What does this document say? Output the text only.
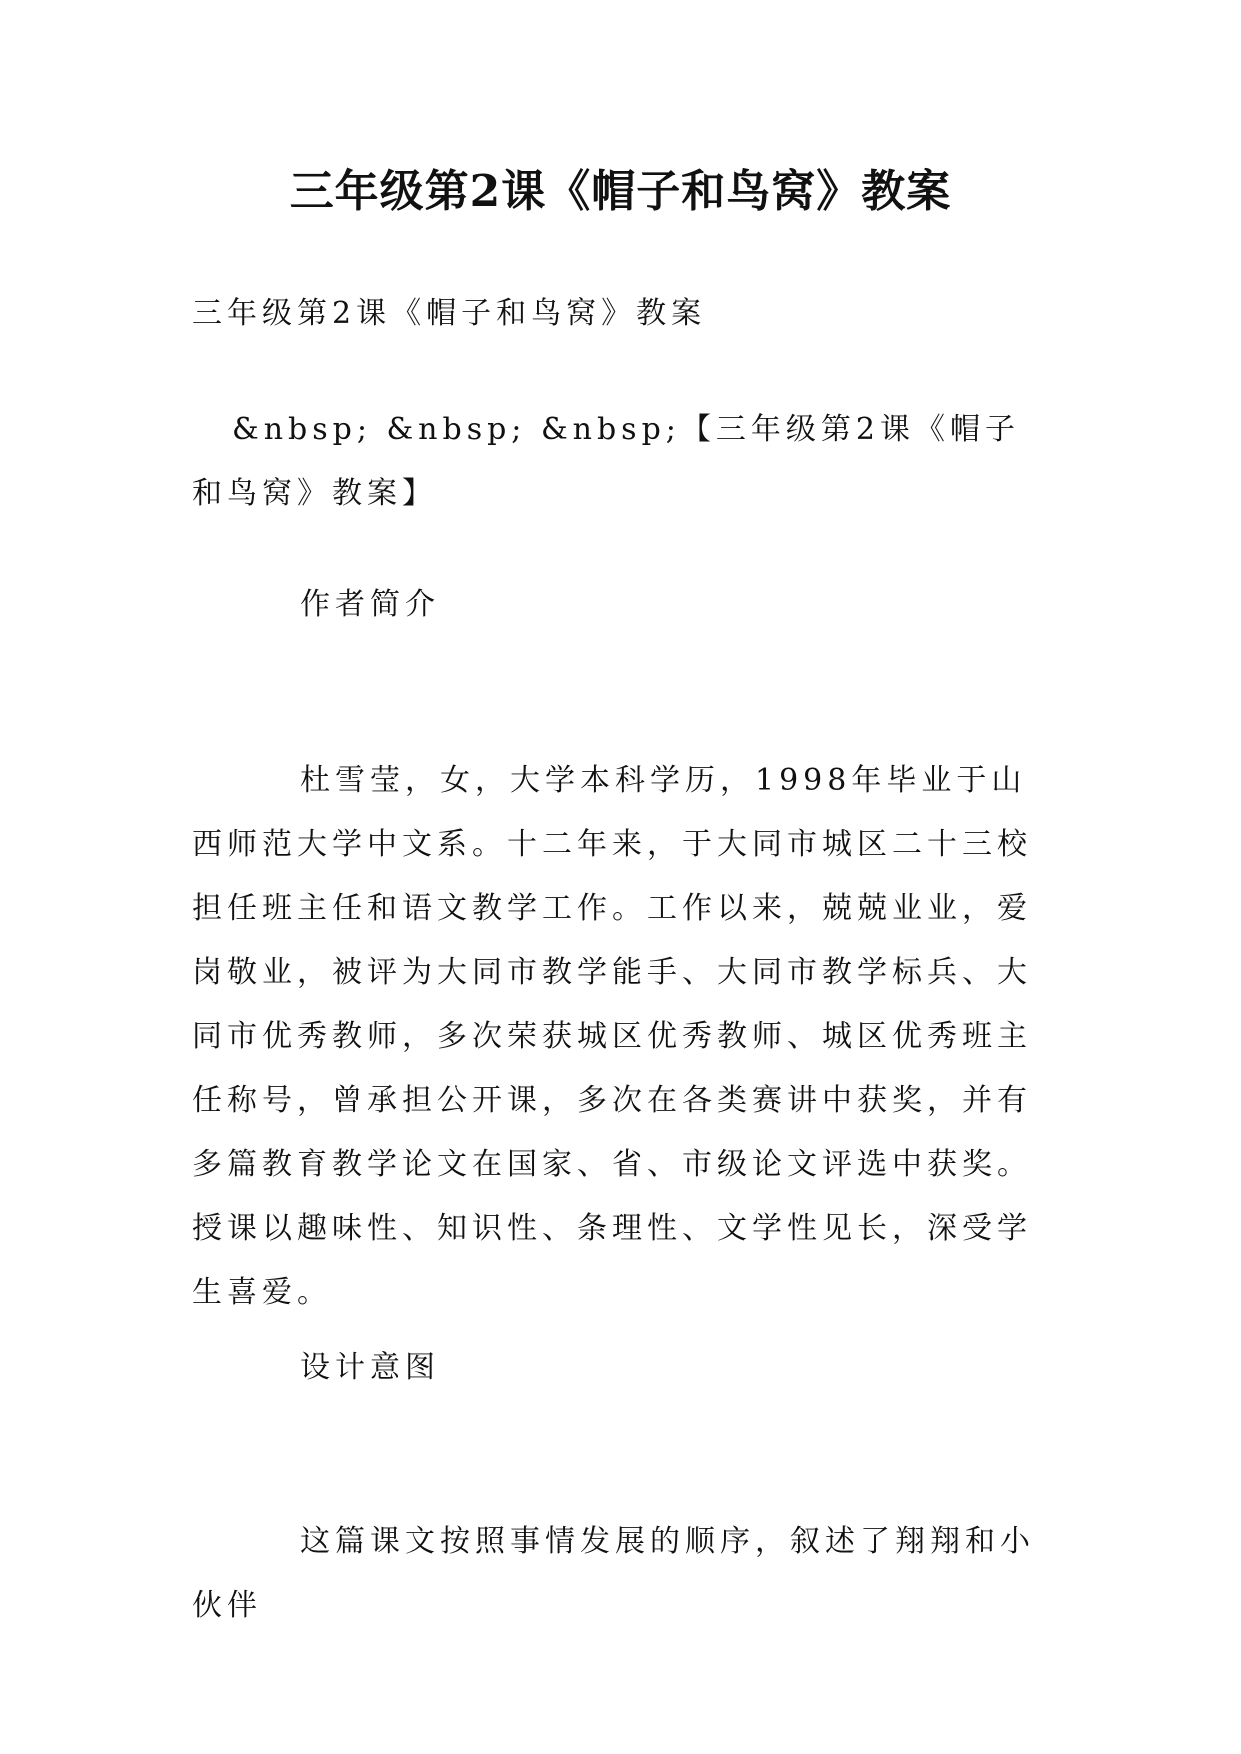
三年级第2课《帽子和鸟窝》教案

三年级第2课《帽子和鸟窝》教案

&nbsp; &nbsp; &nbsp;【三年级第2课《帽子和鸟窝》教案】

作者简介

杜雪莹，女，大学本科学历，1998年毕业于山西师范大学中文系。十二年来，于大同市城区二十三校担任班主任和语文教学工作。工作以来，兢兢业业，爱岗敬业，被评为大同市教学能手、大同市教学标兵、大同市优秀教师，多次荣获城区优秀教师、城区优秀班主任称号，曾承担公开课，多次在各类赛讲中获奖，并有多篇教育教学论文在国家、省、市级论文评选中获奖。授课以趣味性、知识性、条理性、文学性见长，深受学生喜爱。

设计意图

这篇课文按照事情发展的顺序，叙述了翔翔和小伙伴
